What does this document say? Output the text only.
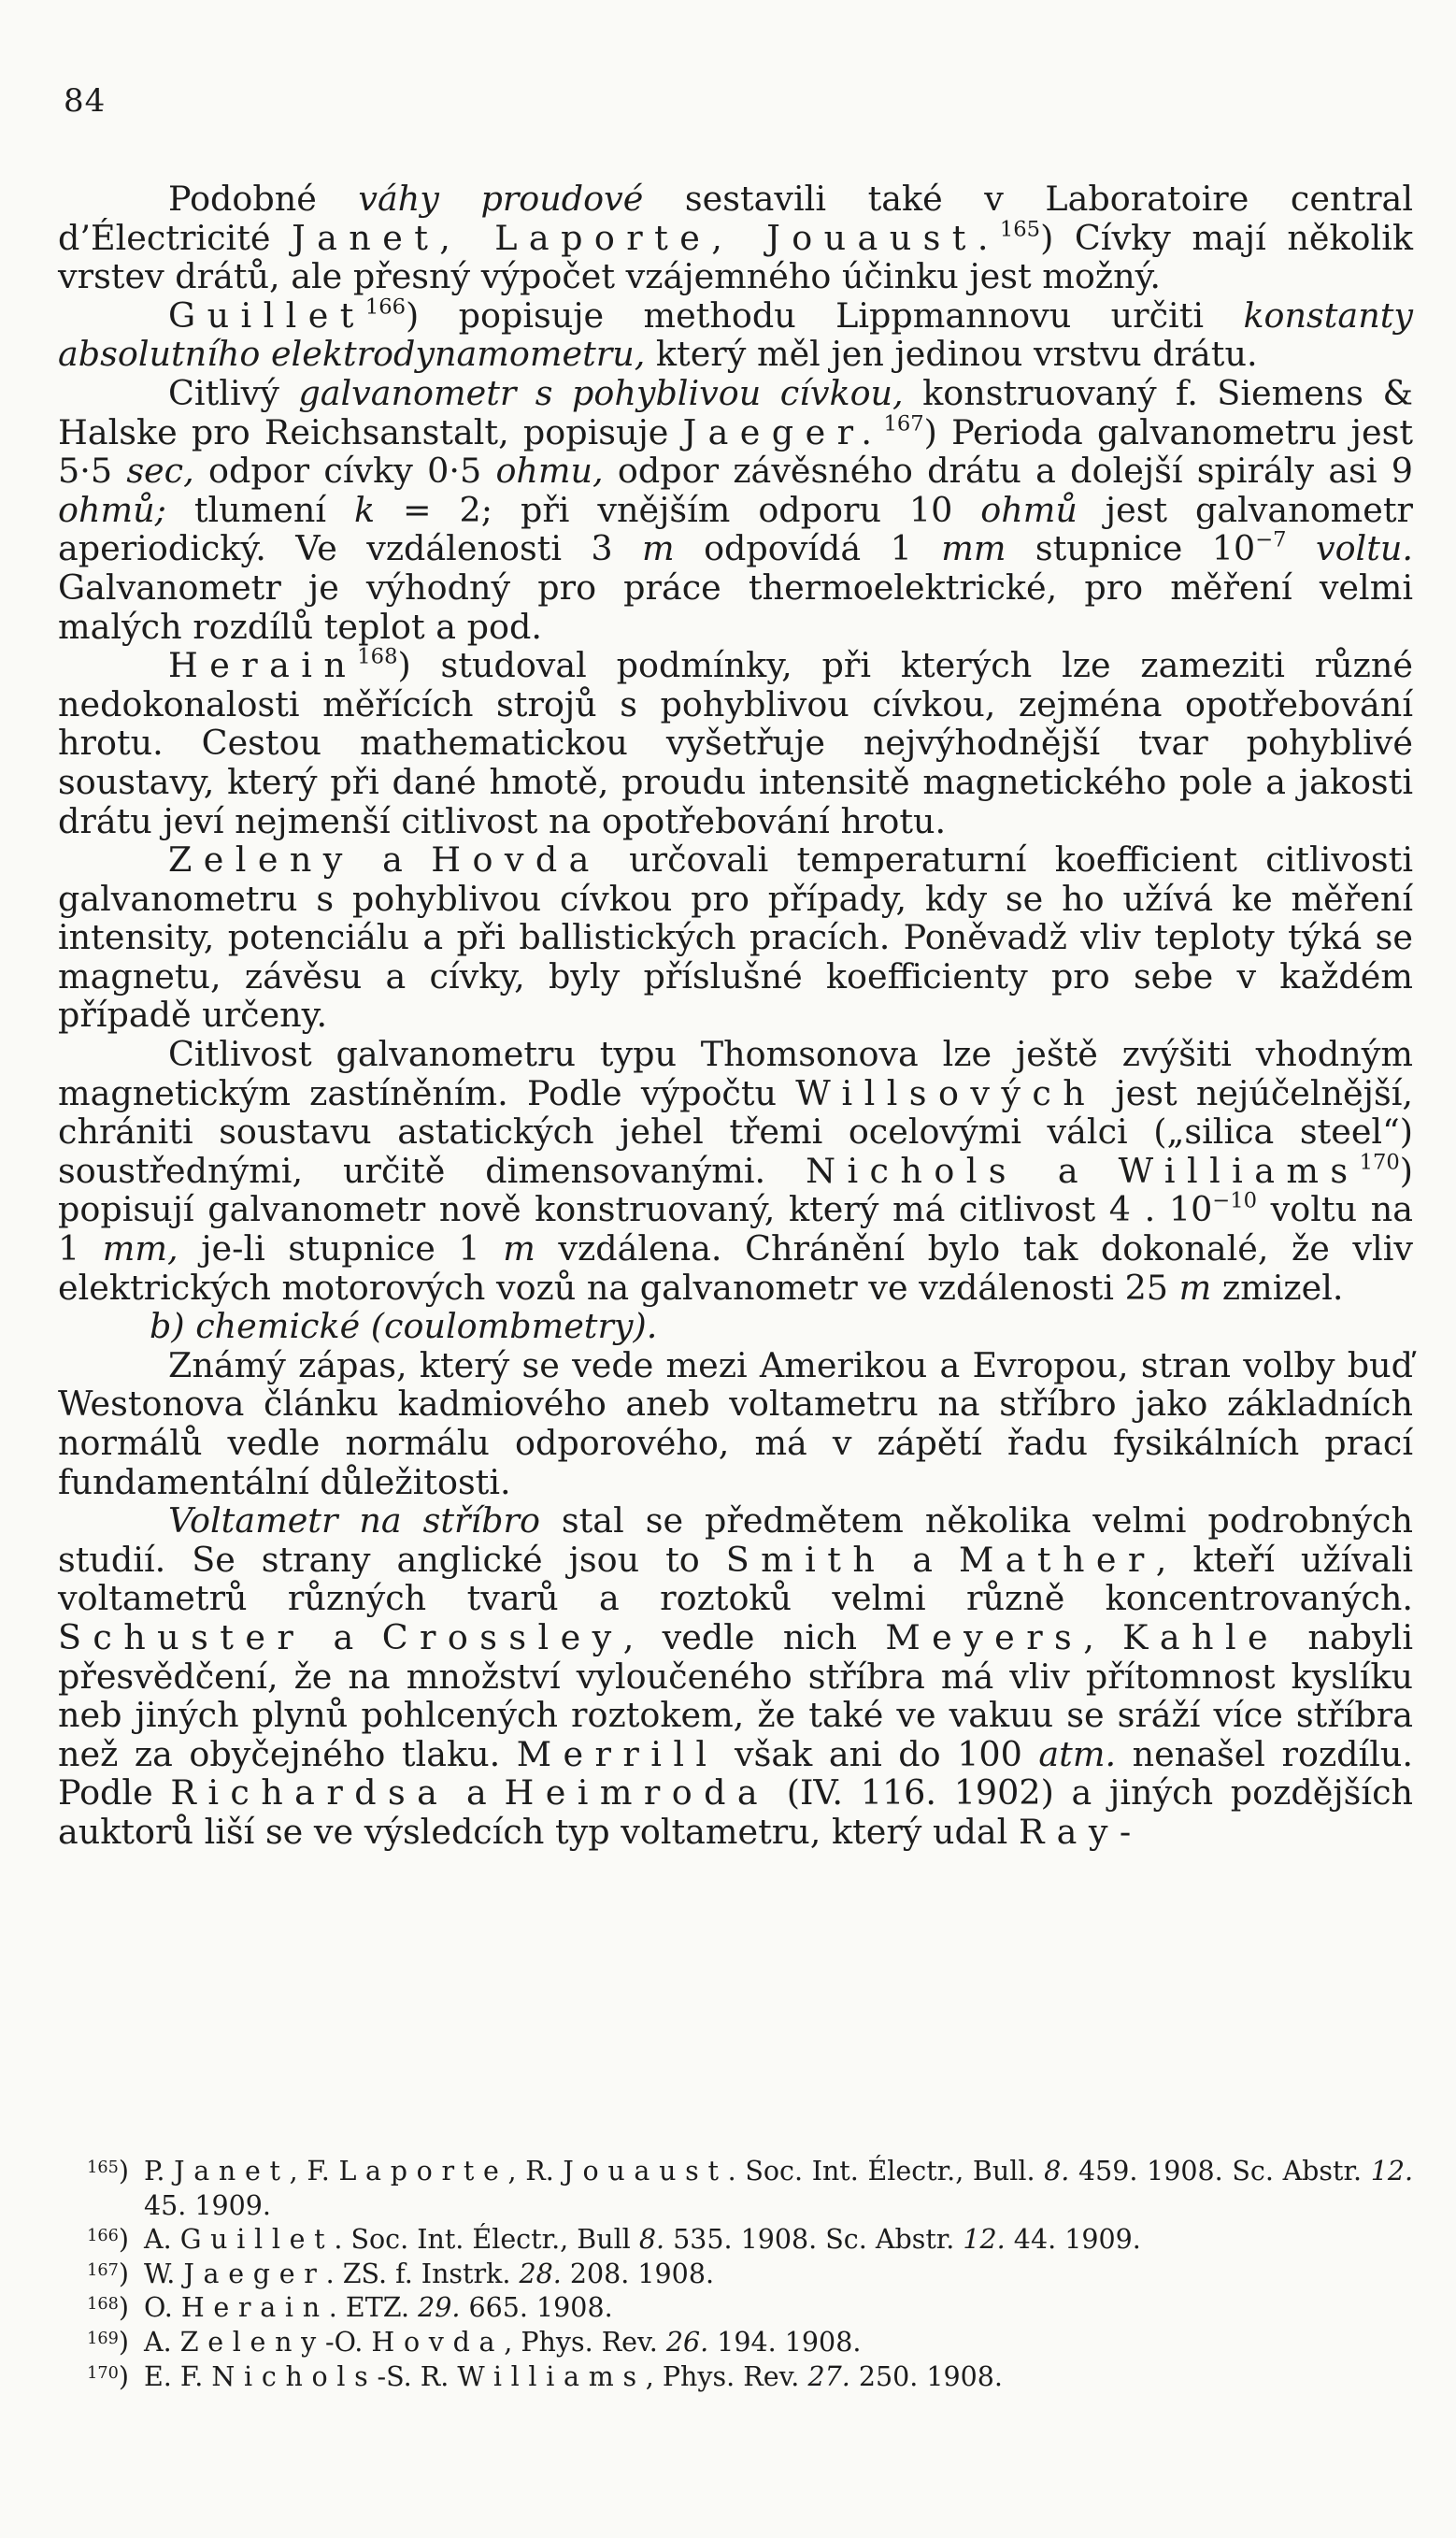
84

Podobné váhy proudové sestavili také v Laboratoire central d’Électricité Janet, Laporte, Jouaust.$^{165}$) Cívky mají několik vrstev drátů, ale přesný výpočet vzájemného účinku jest možný.

Guillet$^{166}$) popisuje methodu Lippmannovu určiti konstanty absolutního elektrodynamometru, který měl jen jedinou vrstvu drátu.

Citlivý galvanometr s pohyblivou cívkou, konstruovaný f. Siemens & Halske pro Reichsanstalt, popisuje Jaeger.$^{167}$) Perioda galvanometru jest 5·5 sec, odpor cívky 0·5 ohmu, odpor závěsného drátu a dolejší spirály asi 9 ohmů; tlumení k = 2; při vnějším odporu 10 ohmů jest galvanometr aperiodický. Ve vzdálenosti 3 m odpovídá 1 mm stupnice $10^{-7}$ voltu. Galvanometr je výhodný pro práce thermoelektrické, pro měření velmi malých rozdílů teplot a pod.

Herain$^{168}$) studoval podmínky, při kterých lze zameziti různé nedokonalosti měřících strojů s pohyblivou cívkou, zejména opotřebování hrotu. Cestou mathematickou vyšetřuje nejvýhodnější tvar pohyblivé soustavy, který při dané hmotě, proudu intensitě magnetického pole a jakosti drátu jeví nejmenší citlivost na opotřebování hrotu.

Zeleny a Hovda určovali temperaturní koefficient citlivosti galvanometru s pohyblivou cívkou pro případy, kdy se ho užívá ke měření intensity, potenciálu a při ballistických pracích. Poněvadž vliv teploty týká se magnetu, závěsu a cívky, byly příslušné koefficienty pro sebe v každém případě určeny.

Citlivost galvanometru typu Thomsonova lze ještě zvýšiti vhodným magnetickým zastíněním. Podle výpočtu Willsových jest nejúčelnější, chrániti soustavu astatických jehel třemi ocelovými válci („silica steel“) soustřednými, určitě dimensovanými. Nichols a Williams$^{170}$) popisují galvanometr nově konstruovaný, který má citlivost 4 . $10^{-10}$ voltu na 1 mm, je-li stupnice 1 m vzdálena. Chránění bylo tak dokonalé, že vliv elektrických motorových vozů na galvanometr ve vzdálenosti 25 m zmizel.

b) chemické (coulombmetry).

Známý zápas, který se vede mezi Amerikou a Evropou, stran volby buď Westonova článku kadmiového aneb voltametru na stříbro jako základních normálů vedle normálu odporového, má v zápětí řadu fysikálních prací fundamentální důležitosti.

Voltametr na stříbro stal se předmětem několika velmi podrobných studií. Se strany anglické jsou to Smith a Mather, kteří užívali voltametrů různých tvarů a roztoků velmi různě koncentrovaných. Schuster a Crossley, vedle nich Meyers, Kahle nabyli přesvědčení, že na množství vyloučeného stříbra má vliv přítomnost kyslíku neb jiných plynů pohlcených roztokem, že také ve vakuu se sráží více stříbra než za obyčejného tlaku. Merrill však ani do 100 atm. nenašel rozdílu. Podle Richardsa a Heimroda (IV. 116. 1902) a jiných pozdějších auktorů liší se ve výsledcích typ voltametru, který udal Ray-

$^{165}$) P. Janet, F. Laporte, R. Jouaust. Soc. Int. Électr., Bull. 8. 459. 1908. Sc. Abstr. 12. 45. 1909.
$^{166}$) A. Guillet. Soc. Int. Électr., Bull 8. 535. 1908. Sc. Abstr. 12. 44. 1909.
$^{167}$) W. Jaeger. ZS. f. Instrk. 28. 208. 1908.
$^{168}$) O. Herain. ETZ. 29. 665. 1908.
$^{169}$) A. Zeleny-O. Hovda, Phys. Rev. 26. 194. 1908.
$^{170}$) E. F. Nichols-S. R. Williams, Phys. Rev. 27. 250. 1908.
